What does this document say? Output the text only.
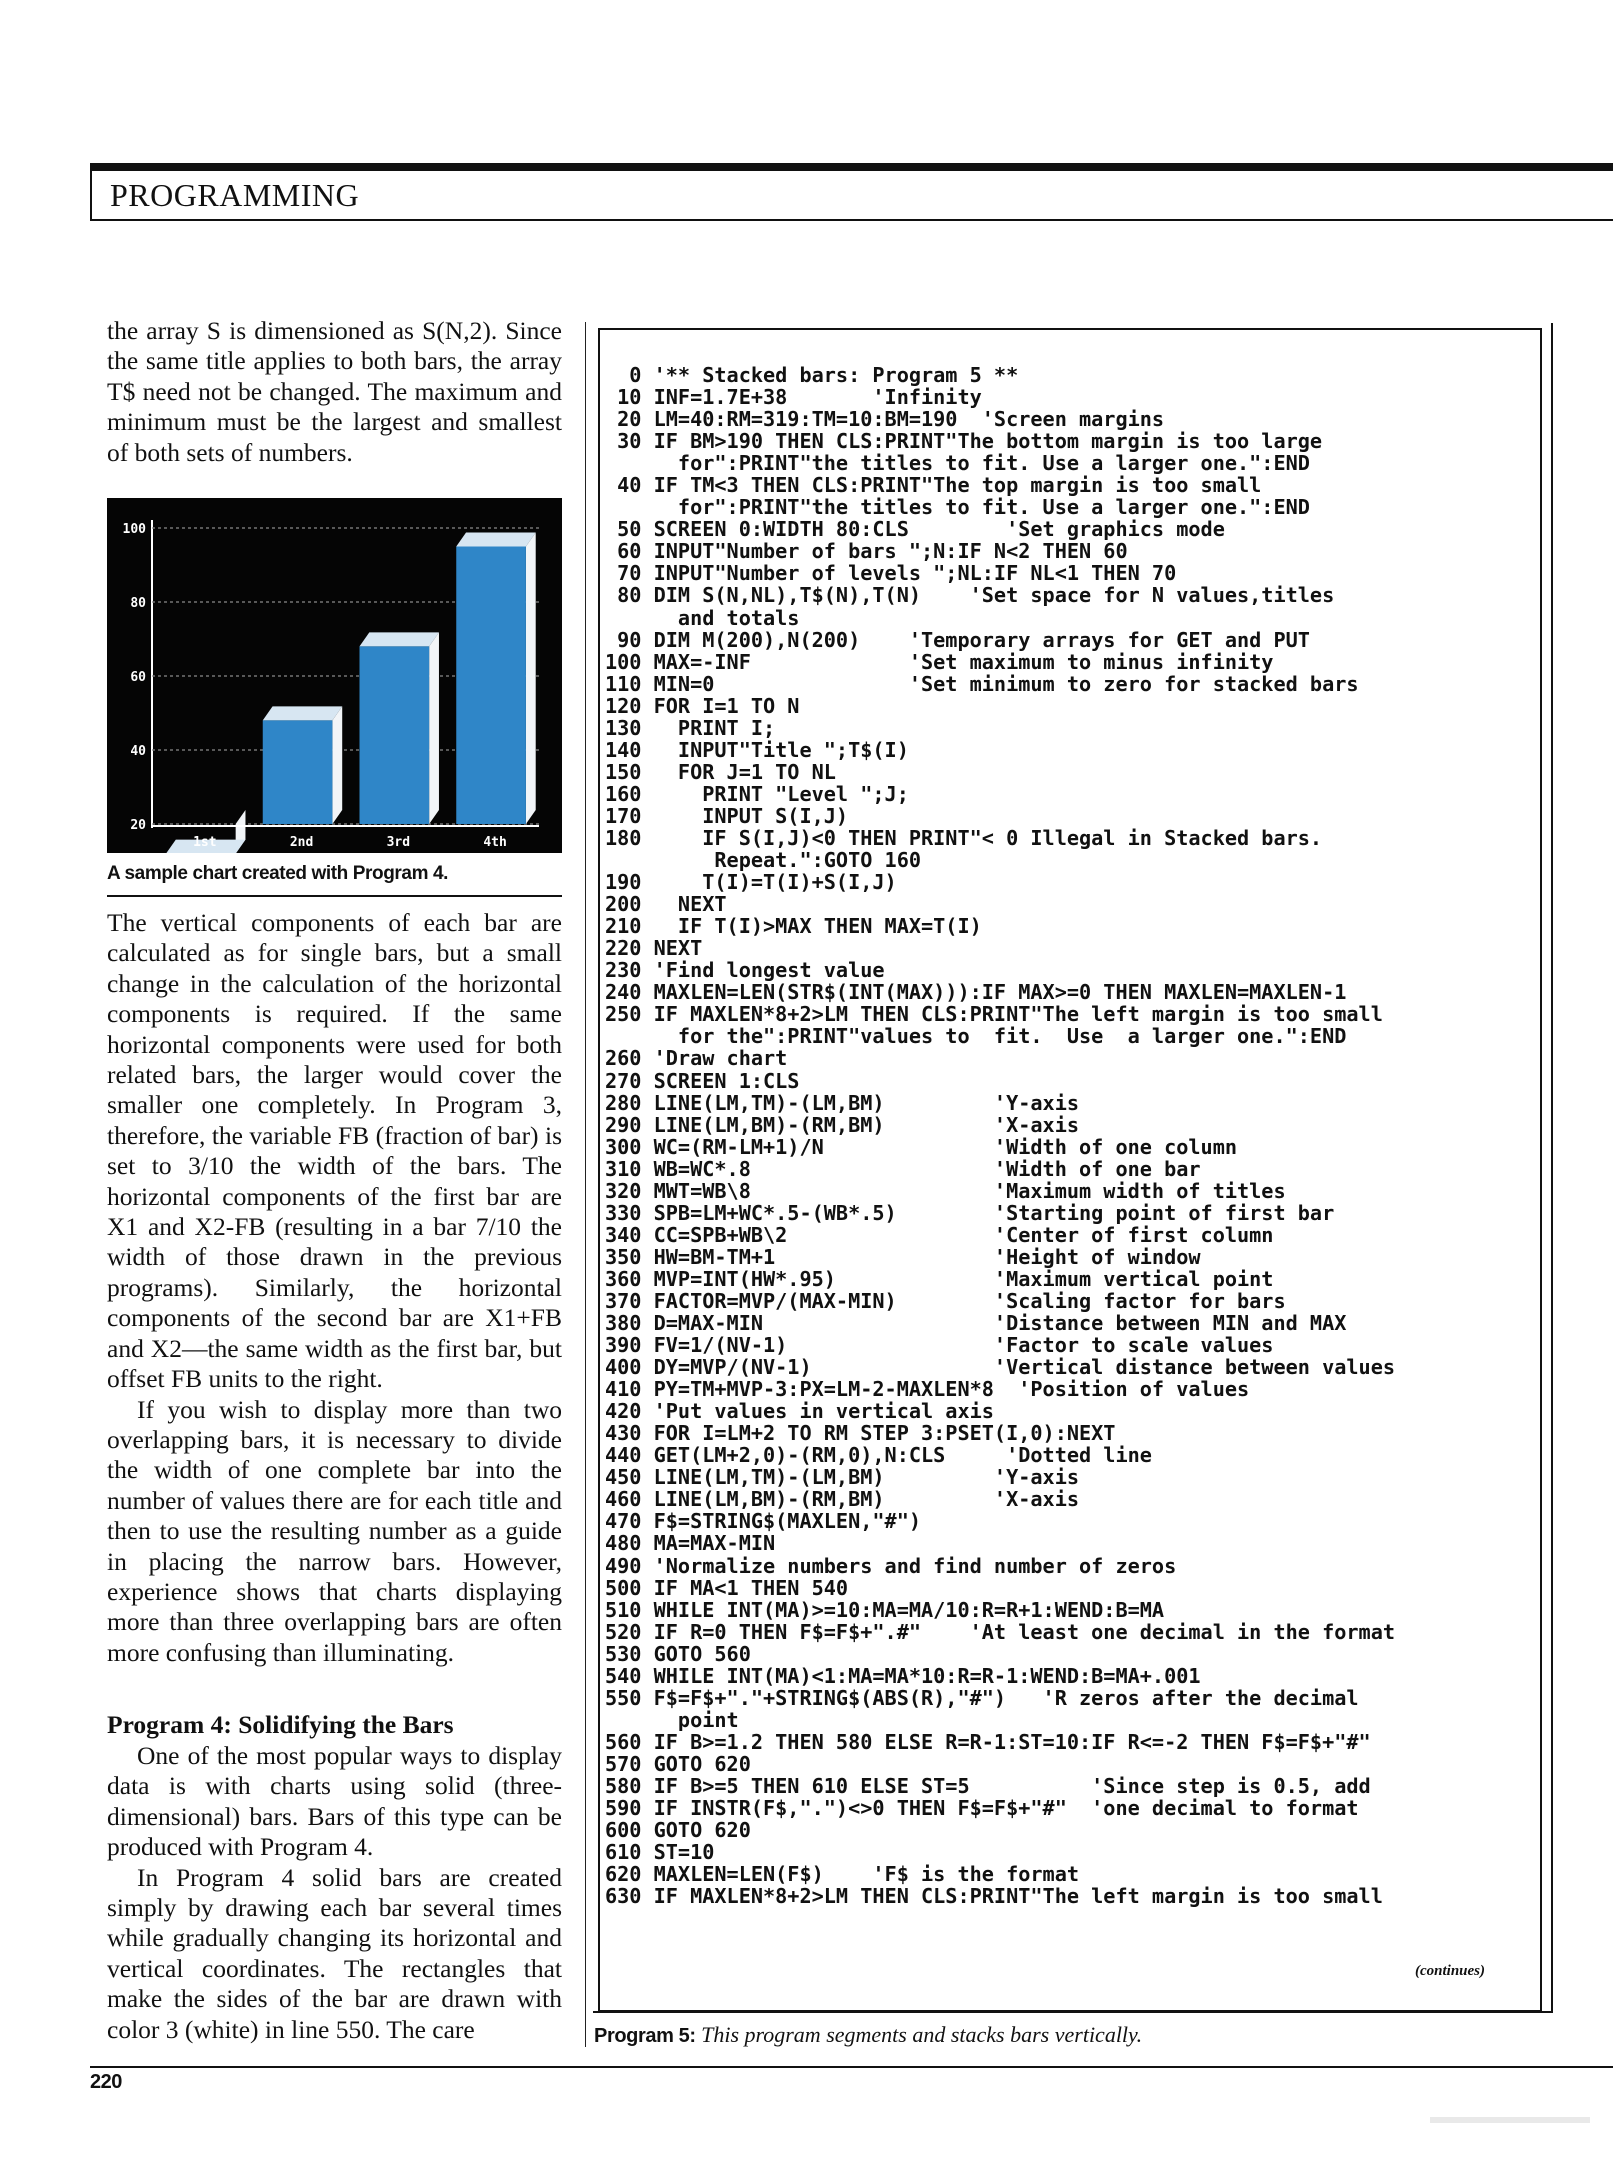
PROGRAMMING

the array S is dimensioned as S(N,2). Since the same title applies to both bars, the array T$ need not be changed. The maximum and minimum must be the largest and smallest of both sets of numbers.

100
80
60
40
20
1st	2nd	3rd	4th
A sample chart created with Program 4.

The vertical components of each bar are calculated as for single bars, but a small change in the calculation of the horizontal components is required. If the same horizontal components were used for both related bars, the larger would cover the smaller one completely. In Program 3, therefore, the variable FB (fraction of bar) is set to 3/10 the width of the bars. The horizontal components of the first bar are X1 and X2-FB (resulting in a bar 7/10 the width of those drawn in the previous programs). Similarly, the horizontal components of the second bar are X1+FB and X2—the same width as the first bar, but offset FB units to the right.

If you wish to display more than two overlapping bars, it is necessary to divide the width of one complete bar into the number of values there are for each title and then to use the resulting number as a guide in placing the narrow bars. However, experience shows that charts displaying more than three overlapping bars are often more confusing than illuminating.

Program 4: Solidifying the Bars

One of the most popular ways to display data is with charts using solid (three-dimensional) bars. Bars of this type can be produced with Program 4.

In Program 4 solid bars are created simply by drawing each bar several times while gradually changing its horizontal and vertical coordinates. The rectangles that make the sides of the bar are drawn with color 3 (white) in line 550. The care

0 '** Stacked bars: Program 5 **
10 INF=1.7E+38       'Infinity
20 LM=40:RM=319:TM=10:BM=190  'Screen margins
30 IF BM>190 THEN CLS:PRINT"The bottom margin is too large
for":PRINT"the titles to fit. Use a larger one.":END
40 IF TM<3 THEN CLS:PRINT"The top margin is too small
for":PRINT"the titles to fit. Use a larger one.":END
50 SCREEN 0:WIDTH 80:CLS        'Set graphics mode
60 INPUT"Number of bars ";N:IF N<2 THEN 60
70 INPUT"Number of levels ";NL:IF NL<1 THEN 70
80 DIM S(N,NL),T$(N),T(N)    'Set space for N values,titles
and totals
90 DIM M(200),N(200)    'Temporary arrays for GET and PUT
100 MAX=-INF             'Set maximum to minus infinity
110 MIN=0                'Set minimum to zero for stacked bars
120 FOR I=1 TO N
130   PRINT I;
140   INPUT"Title ";T$(I)
150   FOR J=1 TO NL
160     PRINT "Level ";J;
170     INPUT S(I,J)
180     IF S(I,J)<0 THEN PRINT"< 0 Illegal in Stacked bars.
Repeat.":GOTO 160
190     T(I)=T(I)+S(I,J)
200   NEXT
210   IF T(I)>MAX THEN MAX=T(I)
220 NEXT
230 'Find longest value
240 MAXLEN=LEN(STR$(INT(MAX))):IF MAX>=0 THEN MAXLEN=MAXLEN-1
250 IF MAXLEN*8+2>LM THEN CLS:PRINT"The left margin is too small
for the":PRINT"values to  fit.  Use  a larger one.":END
260 'Draw chart
270 SCREEN 1:CLS
280 LINE(LM,TM)-(LM,BM)         'Y-axis
290 LINE(LM,BM)-(RM,BM)         'X-axis
300 WC=(RM-LM+1)/N              'Width of one column
310 WB=WC*.8                    'Width of one bar
320 MWT=WB\8                    'Maximum width of titles
330 SPB=LM+WC*.5-(WB*.5)        'Starting point of first bar
340 CC=SPB+WB\2                 'Center of first column
350 HW=BM-TM+1                  'Height of window
360 MVP=INT(HW*.95)             'Maximum vertical point
370 FACTOR=MVP/(MAX-MIN)        'Scaling factor for bars
380 D=MAX-MIN                   'Distance between MIN and MAX
390 FV=1/(NV-1)                 'Factor to scale values
400 DY=MVP/(NV-1)               'Vertical distance between values
410 PY=TM+MVP-3:PX=LM-2-MAXLEN*8  'Position of values
420 'Put values in vertical axis
430 FOR I=LM+2 TO RM STEP 3:PSET(I,0):NEXT
440 GET(LM+2,0)-(RM,0),N:CLS     'Dotted line
450 LINE(LM,TM)-(LM,BM)         'Y-axis
460 LINE(LM,BM)-(RM,BM)         'X-axis
470 F$=STRING$(MAXLEN,"#")
480 MA=MAX-MIN
490 'Normalize numbers and find number of zeros
500 IF MA<1 THEN 540
510 WHILE INT(MA)>=10:MA=MA/10:R=R+1:WEND:B=MA
520 IF R=0 THEN F$=F$+".#"    'At least one decimal in the format
530 GOTO 560
540 WHILE INT(MA)<1:MA=MA*10:R=R-1:WEND:B=MA+.001
550 F$=F$+"."+STRING$(ABS(R),"#")   'R zeros after the decimal
point
560 IF B>=1.2 THEN 580 ELSE R=R-1:ST=10:IF R<=-2 THEN F$=F$+"#"
570 GOTO 620
580 IF B>=5 THEN 610 ELSE ST=5          'Since step is 0.5, add
590 IF INSTR(F$,".")<>0 THEN F$=F$+"#"  'one decimal to format
600 GOTO 620
610 ST=10
620 MAXLEN=LEN(F$)    'F$ is the format
630 IF MAXLEN*8+2>LM THEN CLS:PRINT"The left margin is too small

(continues)
Program 5: This program segments and stacks bars vertically.
220
